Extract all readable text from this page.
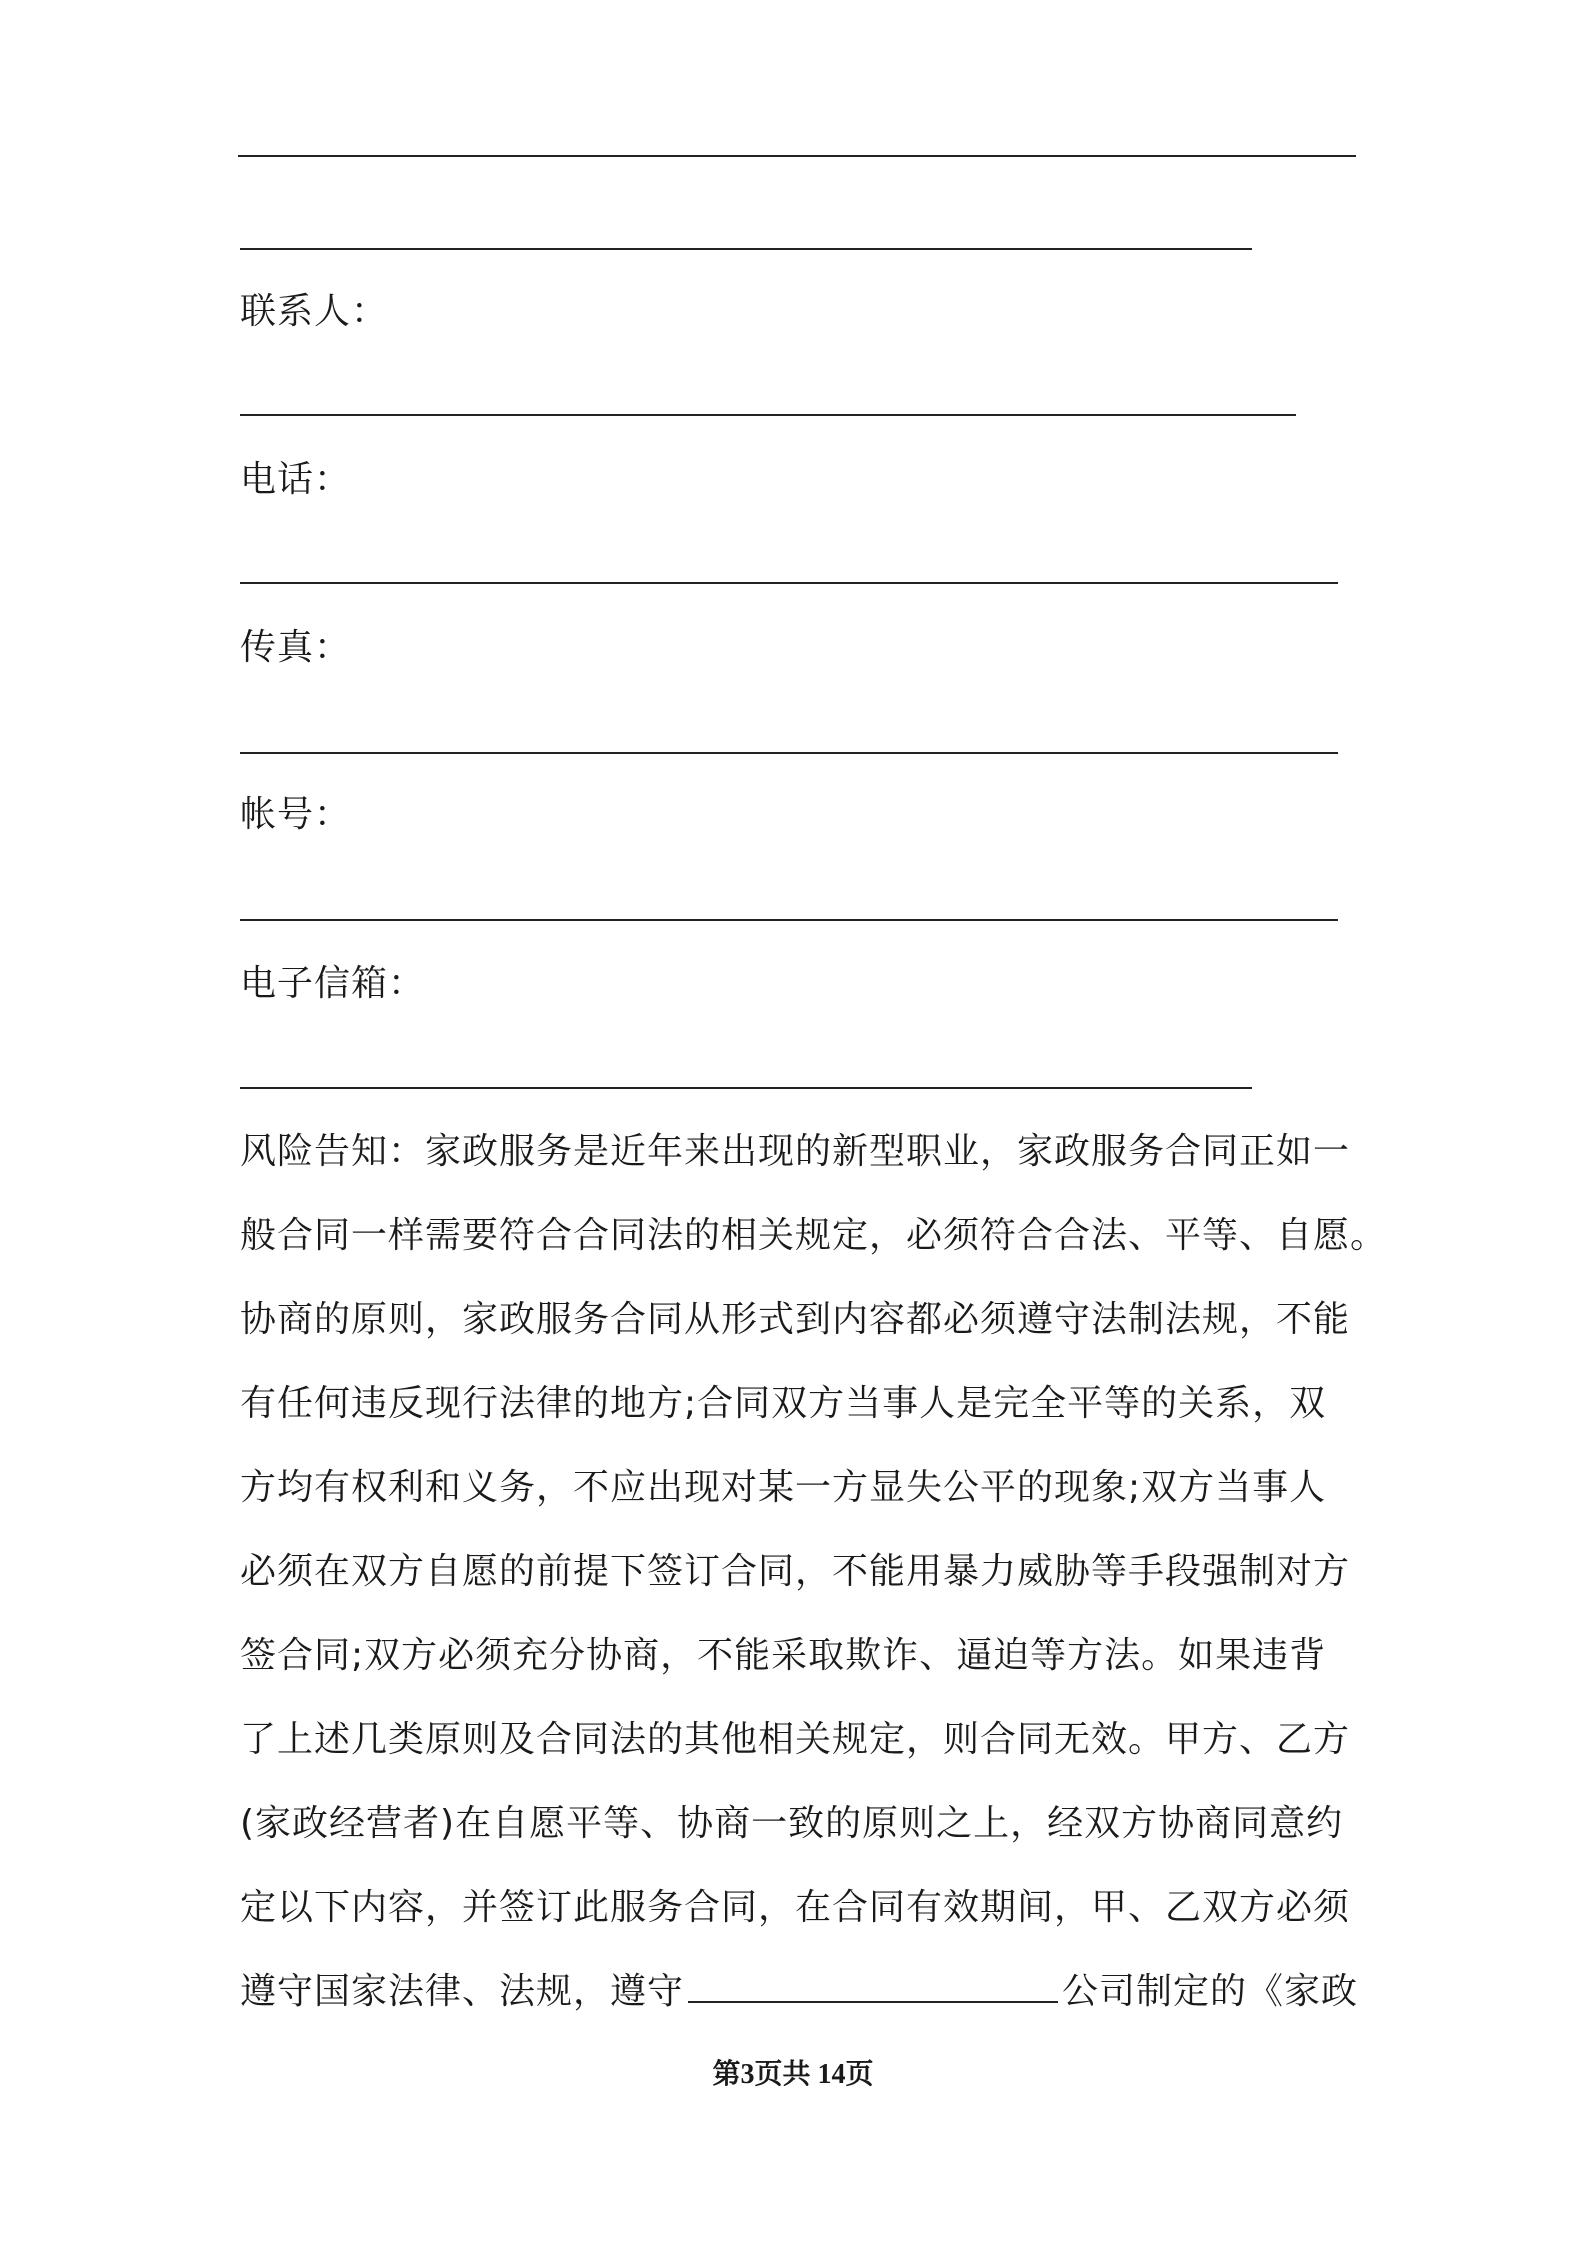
联系人：
电话：
传真：
帐号：
电子信箱：
风险告知：家政服务是近年来出现的新型职业，家政服务合同正如一
般合同一样需要符合合同法的相关规定，必须符合合法、平等、自愿。
协商的原则，家政服务合同从形式到内容都必须遵守法制法规，不能
有任何违反现行法律的地方;合同双方当事人是完全平等的关系，双
方均有权利和义务，不应出现对某一方显失公平的现象;双方当事人
必须在双方自愿的前提下签订合同，不能用暴力威胁等手段强制对方
签合同;双方必须充分协商，不能采取欺诈、逼迫等方法。如果违背
了上述几类原则及合同法的其他相关规定，则合同无效。甲方、乙方
(家政经营者)在自愿平等、协商一致的原则之上，经双方协商同意约
定以下内容，并签订此服务合同，在合同有效期间，甲、乙双方必须
遵守国家法律、法规，遵守	公司制定的《家政
第3页共 14页
